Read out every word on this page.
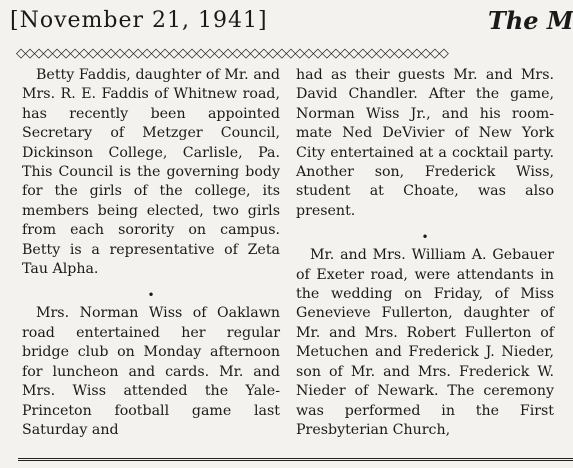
[November 21, 1941]	The M
◇◇◇◇◇◇◇◇◇◇◇◇◇◇◇◇◇◇◇◇◇◇◇◇◇◇◇◇◇◇◇◇◇◇◇◇◇◇◇◇◇◇◇◇◇◇◇◇

Betty Faddis, daughter of Mr. and Mrs. R. E. Faddis of Whitnew road, has recently been appointed Secretary of Metzger Council, Dickinson College, Carlisle, Pa. This Council is the governing body for the girls of the college, its members being elected, two girls from each sorority on campus. Betty is a representative of Zeta Tau Alpha.

•

Mrs. Norman Wiss of Oaklawn road entertained her regular bridge club on Monday afternoon for luncheon and cards. Mr. and Mrs. Wiss attended the Yale-Princeton football game last Saturday and

had as their guests Mr. and Mrs. David Chandler. After the game, Norman Wiss Jr., and his room-mate Ned DeVivier of New York City entertained at a cocktail party. Another son, Frederick Wiss, student at Choate, was also present.

•

Mr. and Mrs. William A. Gebauer of Exeter road, were attendants in the wedding on Friday, of Miss Genevieve Fullerton, daughter of Mr. and Mrs. Robert Fullerton of Metuchen and Frederick J. Nieder, son of Mr. and Mrs. Frederick W. Nieder of Newark. The ceremony was performed in the First Presbyterian Church,
